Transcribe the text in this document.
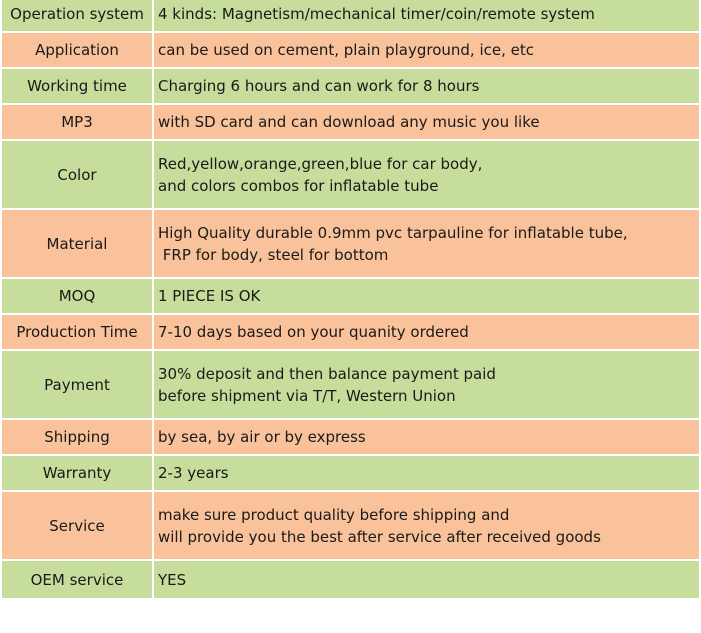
Operation system	4 kinds: Magnetism/mechanical timer/coin/remote system

Application	can be used on cement, plain playground, ice, etc

Working time	Charging 6 hours and can work for 8 hours

MP3	with SD card and can download any music you like

Color	Red,yellow,orange,green,blue for car body,
and colors combos for inflatable tube

Material	High Quality durable 0.9mm pvc tarpauline for inflatable tube,
FRP for body, steel for bottom

MOQ	1 PIECE IS OK

Production Time	7-10 days based on your quanity ordered

Payment	30% deposit and then balance payment paid
before shipment via T/T, Western Union

Shipping	by sea, by air or by express

Warranty	2-3 years

Service	make sure product quality before shipping and
will provide you the best after service after received goods

OEM service	YES
